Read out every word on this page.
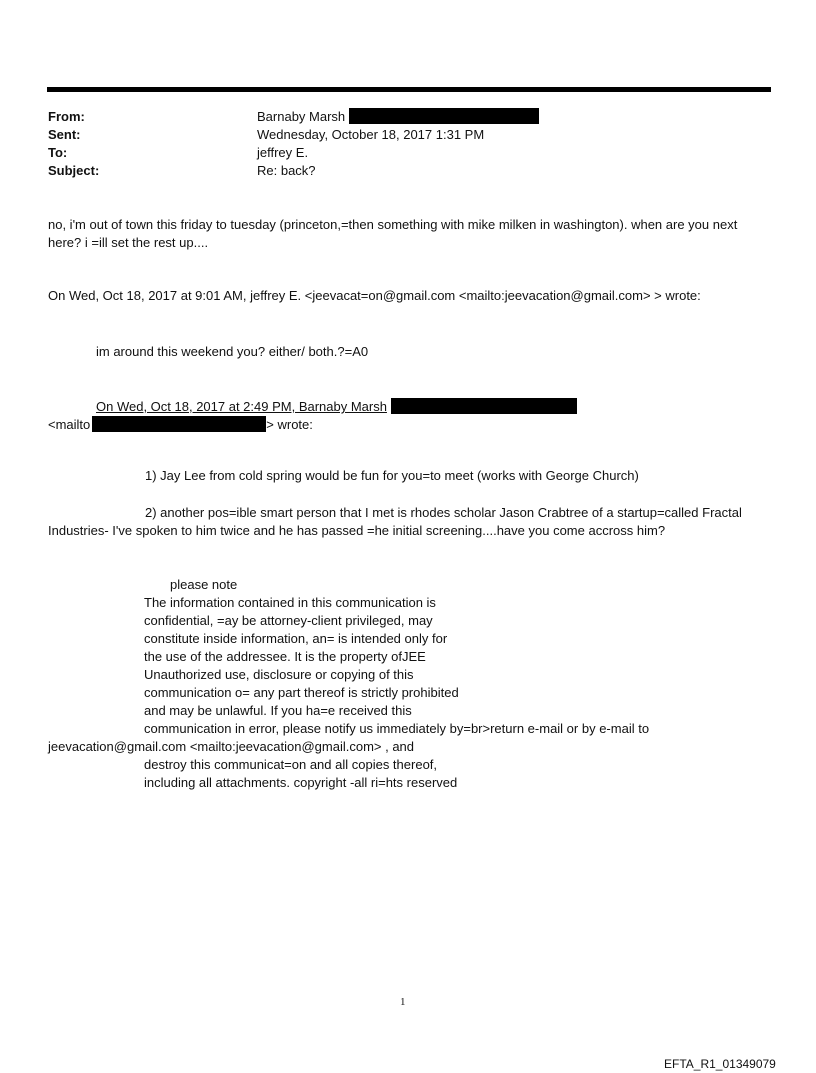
From:	Barnaby Marsh
Sent:	Wednesday, October 18, 2017 1:31 PM
To:	jeffrey E.
Subject:	Re: back?

no, i'm out of town this friday to tuesday (princeton,=then something with mike milken in washington). when are you next here? i =ill set the rest up....

On Wed, Oct 18, 2017 at 9:01 AM, jeffrey E. <jeevacat=on@gmail.com <mailto:jeevacation@gmail.com> > wrote:

im around this weekend you? either/ both.?=A0

On Wed, Oct 18, 2017 at 2:49 PM, Barnaby Marsh

<mailto	> wrote:

1) Jay Lee from cold spring would be fun for you=to meet (works with George Church)

2) another pos=ible smart person that I met is rhodes scholar Jason Crabtree of a startup=called Fractal

Industries- I've spoken to him twice and he has passed =he initial screening....have you come accross him?

please note

The information contained in this communication is

confidential, =ay be attorney-client privileged, may

constitute inside information, an= is intended only for

the use of the addressee. It is the property ofJEE

Unauthorized use, disclosure or copying of this

communication o= any part thereof is strictly prohibited

and may be unlawful. If you ha=e received this

communication in error, please notify us immediately by=br>return e-mail or by e-mail to

jeevacation@gmail.com <mailto:jeevacation@gmail.com> , and

destroy this communicat=on and all copies thereof,

including all attachments. copyright -all ri=hts reserved

1
EFTA_R1_01349079
